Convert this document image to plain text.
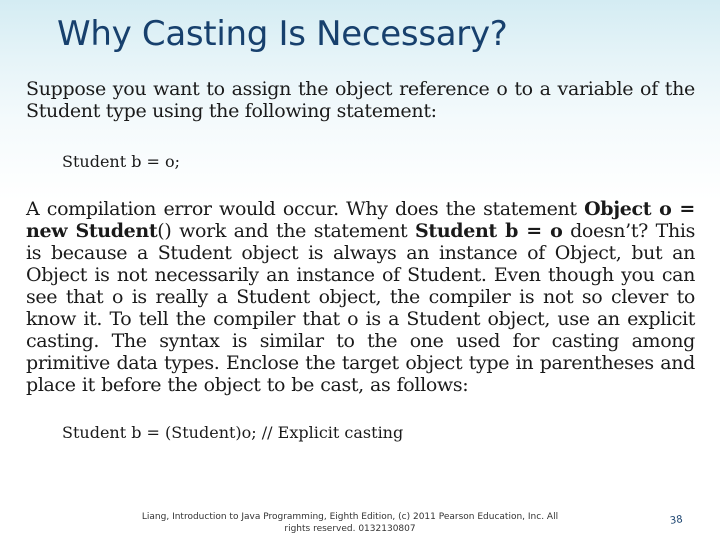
Why Casting Is Necessary?

Suppose you want to assign the object reference o to a variable of the Student type using the following statement:

Student b = o;

A compilation error would occur. Why does the statement Object o = new Student() work and the statement Student b = o doesn’t? This is because a Student object is always an instance of Object, but an Object is not necessarily an instance of Student. Even though you can see that o is really a Student object, the compiler is not so clever to know it. To tell the compiler that o is a Student object, use an explicit casting. The syntax is similar to the one used for casting among primitive data types. Enclose the target object type in parentheses and place it before the object to be cast, as follows:

Student b = (Student)o; // Explicit casting

Liang, Introduction to Java Programming, Eighth Edition, (c) 2011 Pearson Education, Inc. All
rights reserved. 0132130807
38
